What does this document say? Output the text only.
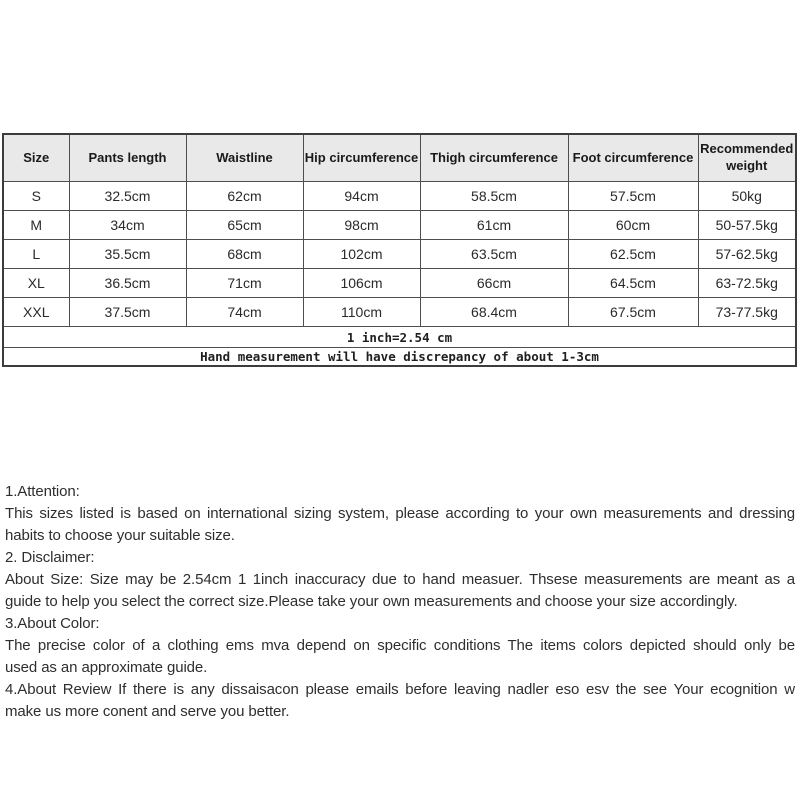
Size	Pants length	Waistline	Hip circumference	Thigh circumference	Foot circumference	Recommended weight
S	32.5cm	62cm	94cm	58.5cm	57.5cm	50kg
M	34cm	65cm	98cm	61cm	60cm	50-57.5kg
L	35.5cm	68cm	102cm	63.5cm	62.5cm	57-62.5kg
XL	36.5cm	71cm	106cm	66cm	64.5cm	63-72.5kg
XXL	37.5cm	74cm	110cm	68.4cm	67.5cm	73-77.5kg
1 inch=2.54 cm						
Hand measurement will have discrepancy of about 1-3cm						
1.Attention:
This sizes listed is based on international sizing system, please according to your own measurements and dressing
habits to choose your suitable size.
2. Disclaimer:
About Size: Size may be 2.54cm 1 1inch inaccuracy due to hand measuer. Thsese measurements are meant as a
guide to help you select the correct size.Please take your own measurements and choose your size accordingly.
3.About Color:
The precise color of a clothing ems mva depend on specific conditions The items colors depicted should only be
used as an approximate guide.
4.About Review If there is any dissaisacon please emails before leaving nadler eso esv the see Your ecognition w
make us more conent and serve you better.
